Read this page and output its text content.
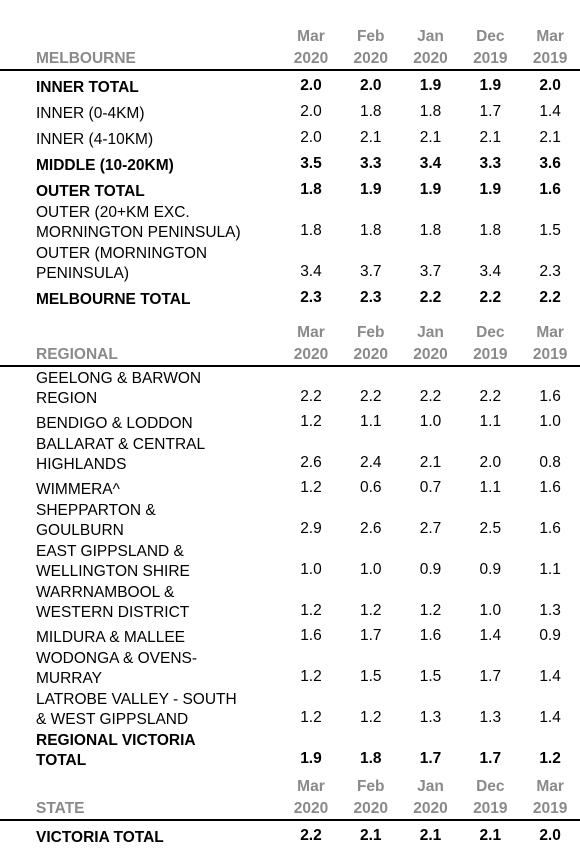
	Mar	Feb	Jan	Dec	Mar
MELBOURNE	2020	2020	2020	2019	2019
INNER TOTAL	2.0	2.0	1.9	1.9	2.0
INNER (0-4KM)	2.0	1.8	1.8	1.7	1.4
INNER (4-10KM)	2.0	2.1	2.1	2.1	2.1
MIDDLE (10-20KM)	3.5	3.3	3.4	3.3	3.6
OUTER TOTAL	1.8	1.9	1.9	1.9	1.6
OUTER (20+KM EXC.
MORNINGTON PENINSULA)	1.8	1.8	1.8	1.8	1.5
OUTER (MORNINGTON
PENINSULA)	3.4	3.7	3.7	3.4	2.3
MELBOURNE TOTAL	2.3	2.3	2.2	2.2	2.2
	Mar	Feb	Jan	Dec	Mar
REGIONAL	2020	2020	2020	2019	2019
GEELONG & BARWON
REGION	2.2	2.2	2.2	2.2	1.6
BENDIGO & LODDON	1.2	1.1	1.0	1.1	1.0
BALLARAT & CENTRAL
HIGHLANDS	2.6	2.4	2.1	2.0	0.8
WIMMERA^	1.2	0.6	0.7	1.1	1.6
SHEPPARTON &
GOULBURN	2.9	2.6	2.7	2.5	1.6
EAST GIPPSLAND &
WELLINGTON SHIRE	1.0	1.0	0.9	0.9	1.1
WARRNAMBOOL &
WESTERN DISTRICT	1.2	1.2	1.2	1.0	1.3
MILDURA & MALLEE	1.6	1.7	1.6	1.4	0.9
WODONGA & OVENS-
MURRAY	1.2	1.5	1.5	1.7	1.4
LATROBE VALLEY - SOUTH
& WEST GIPPSLAND	1.2	1.2	1.3	1.3	1.4
REGIONAL VICTORIA
TOTAL	1.9	1.8	1.7	1.7	1.2
	Mar	Feb	Jan	Dec	Mar
STATE	2020	2020	2020	2019	2019
VICTORIA TOTAL	2.2	2.1	2.1	2.1	2.0
